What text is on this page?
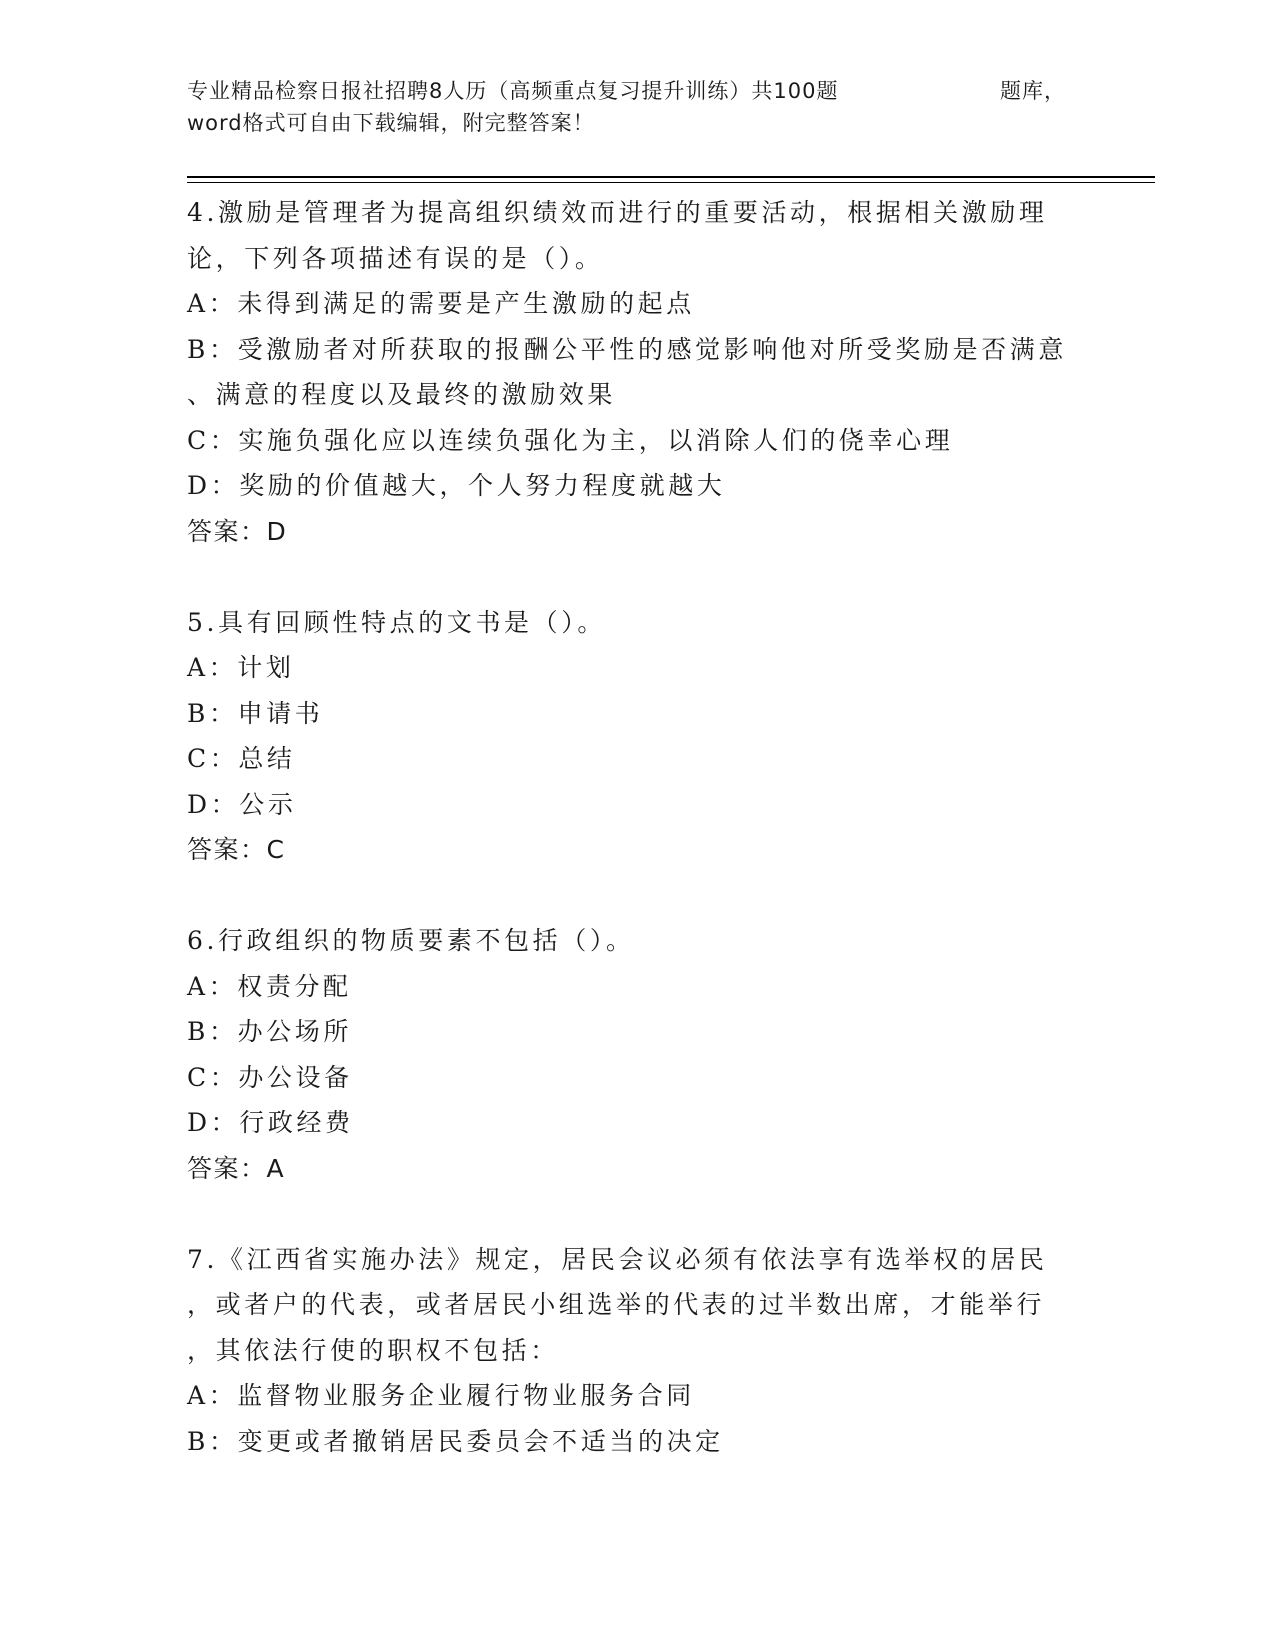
专业精品检察日报社招聘8人历（高频重点复习提升训练）共100题	题库，
word格式可自由下载编辑，附完整答案！
4.激励是管理者为提高组织绩效而进行的重要活动，根据相关激励理
论，下列各项描述有误的是（）。
A：未得到满足的需要是产生激励的起点
B：受激励者对所获取的报酬公平性的感觉影响他对所受奖励是否满意
、满意的程度以及最终的激励效果
C：实施负强化应以连续负强化为主，以消除人们的侥幸心理
D：奖励的价值越大，个人努力程度就越大
答案：D
5.具有回顾性特点的文书是（）。
A：计划
B：申请书
C：总结
D：公示
答案：C
6.行政组织的物质要素不包括（）。
A：权责分配
B：办公场所
C：办公设备
D：行政经费
答案：A
7.《江西省实施办法》规定，居民会议必须有依法享有选举权的居民
，或者户的代表，或者居民小组选举的代表的过半数出席，才能举行
，其依法行使的职权不包括：
A：监督物业服务企业履行物业服务合同
B：变更或者撤销居民委员会不适当的决定
